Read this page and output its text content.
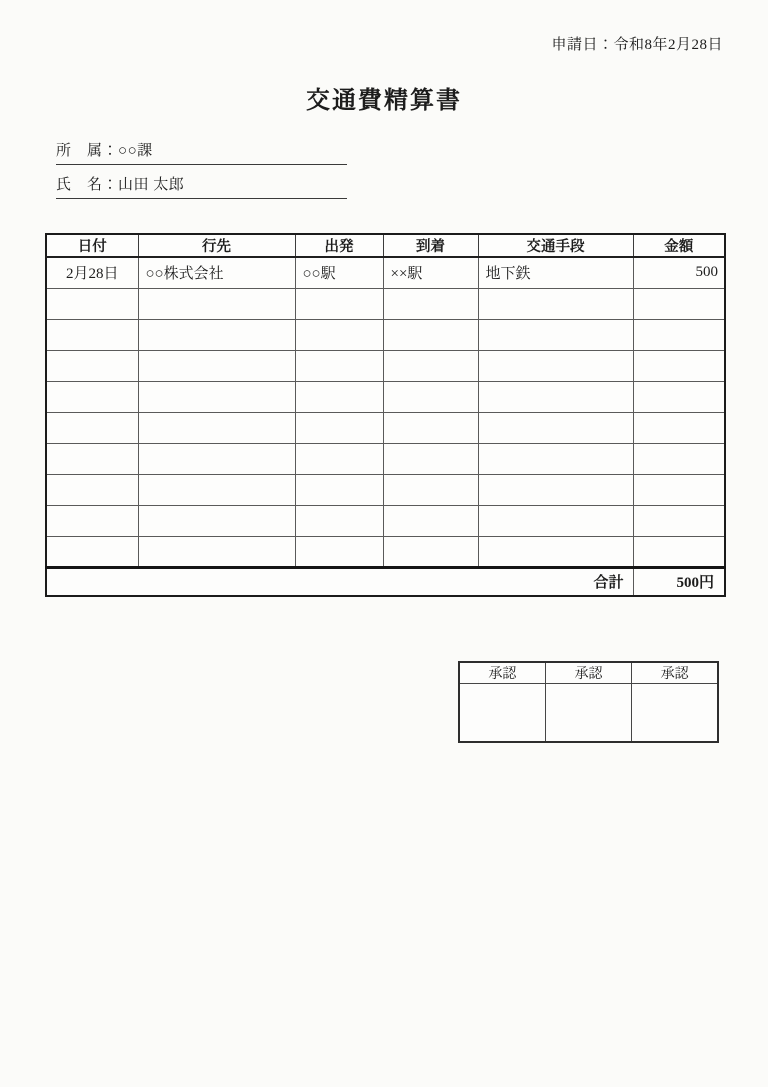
申請日：令和8年2月28日
交通費精算書
所　属：○○課
氏　名：山田 太郎
日付	行先	出発	到着	交通手段	金額
2月28日	○○株式会社	○○駅	××駅	地下鉄	500

合計					500円
承認	承認	承認
